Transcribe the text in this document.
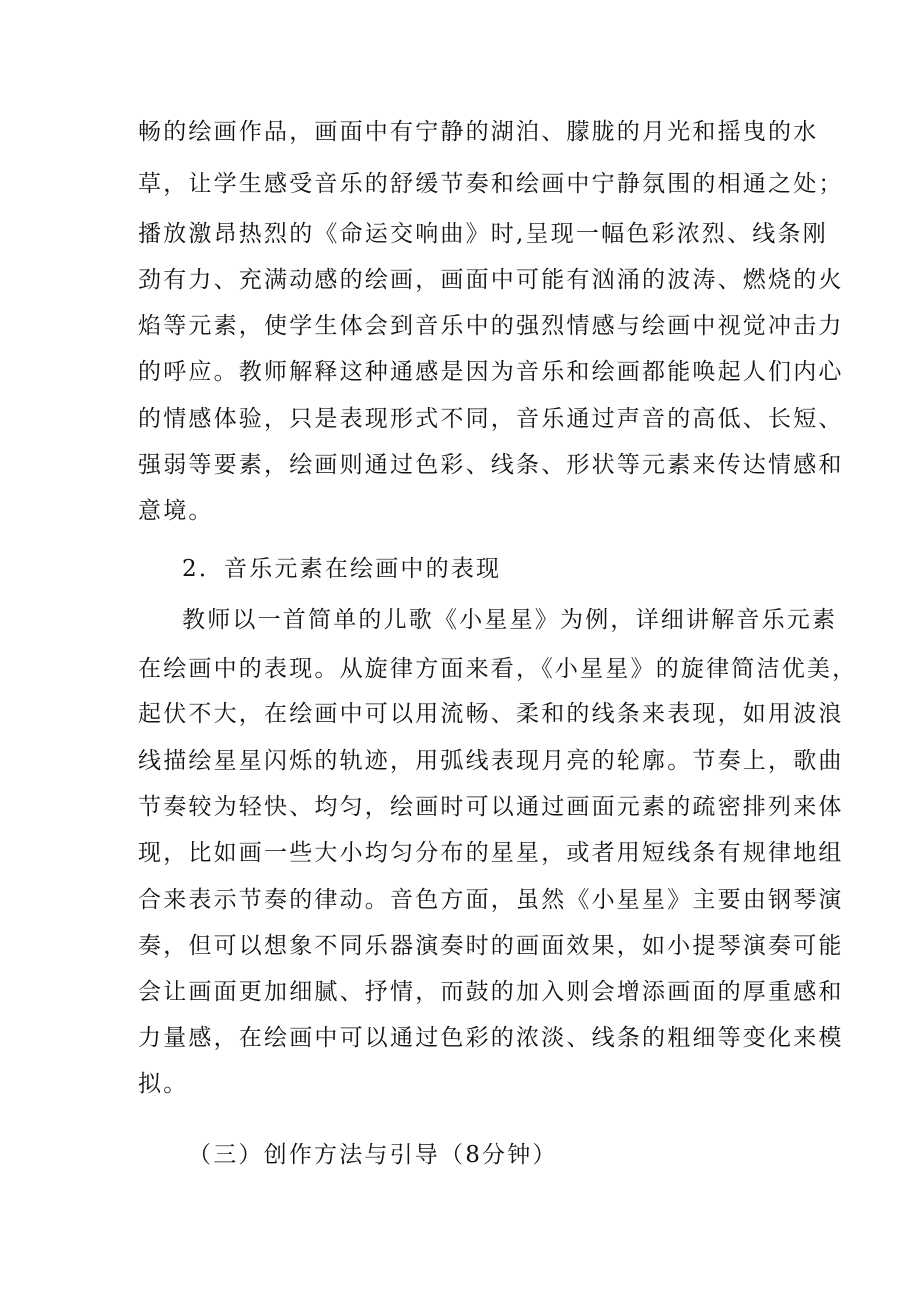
畅的绘画作品，画面中有宁静的湖泊、朦胧的月光和摇曳的水
草，让学生感受音乐的舒缓节奏和绘画中宁静氛围的相通之处；
播放激昂热烈的《命运交响曲》时,呈现一幅色彩浓烈、线条刚
劲有力、充满动感的绘画，画面中可能有汹涌的波涛、燃烧的火
焰等元素，使学生体会到音乐中的强烈情感与绘画中视觉冲击力
的呼应。教师解释这种通感是因为音乐和绘画都能唤起人们内心
的情感体验，只是表现形式不同，音乐通过声音的高低、长短、
强弱等要素，绘画则通过色彩、线条、形状等元素来传达情感和
意境。
2．音乐元素在绘画中的表现
教师以一首简单的儿歌《小星星》为例，详细讲解音乐元素
在绘画中的表现。从旋律方面来看，《小星星》的旋律简洁优美，
起伏不大，在绘画中可以用流畅、柔和的线条来表现，如用波浪
线描绘星星闪烁的轨迹，用弧线表现月亮的轮廓。节奏上，歌曲
节奏较为轻快、均匀，绘画时可以通过画面元素的疏密排列来体
现，比如画一些大小均匀分布的星星，或者用短线条有规律地组
合来表示节奏的律动。音色方面，虽然《小星星》主要由钢琴演
奏，但可以想象不同乐器演奏时的画面效果，如小提琴演奏可能
会让画面更加细腻、抒情，而鼓的加入则会增添画面的厚重感和
力量感，在绘画中可以通过色彩的浓淡、线条的粗细等变化来模
拟。
（三）创作方法与引导（8分钟）
